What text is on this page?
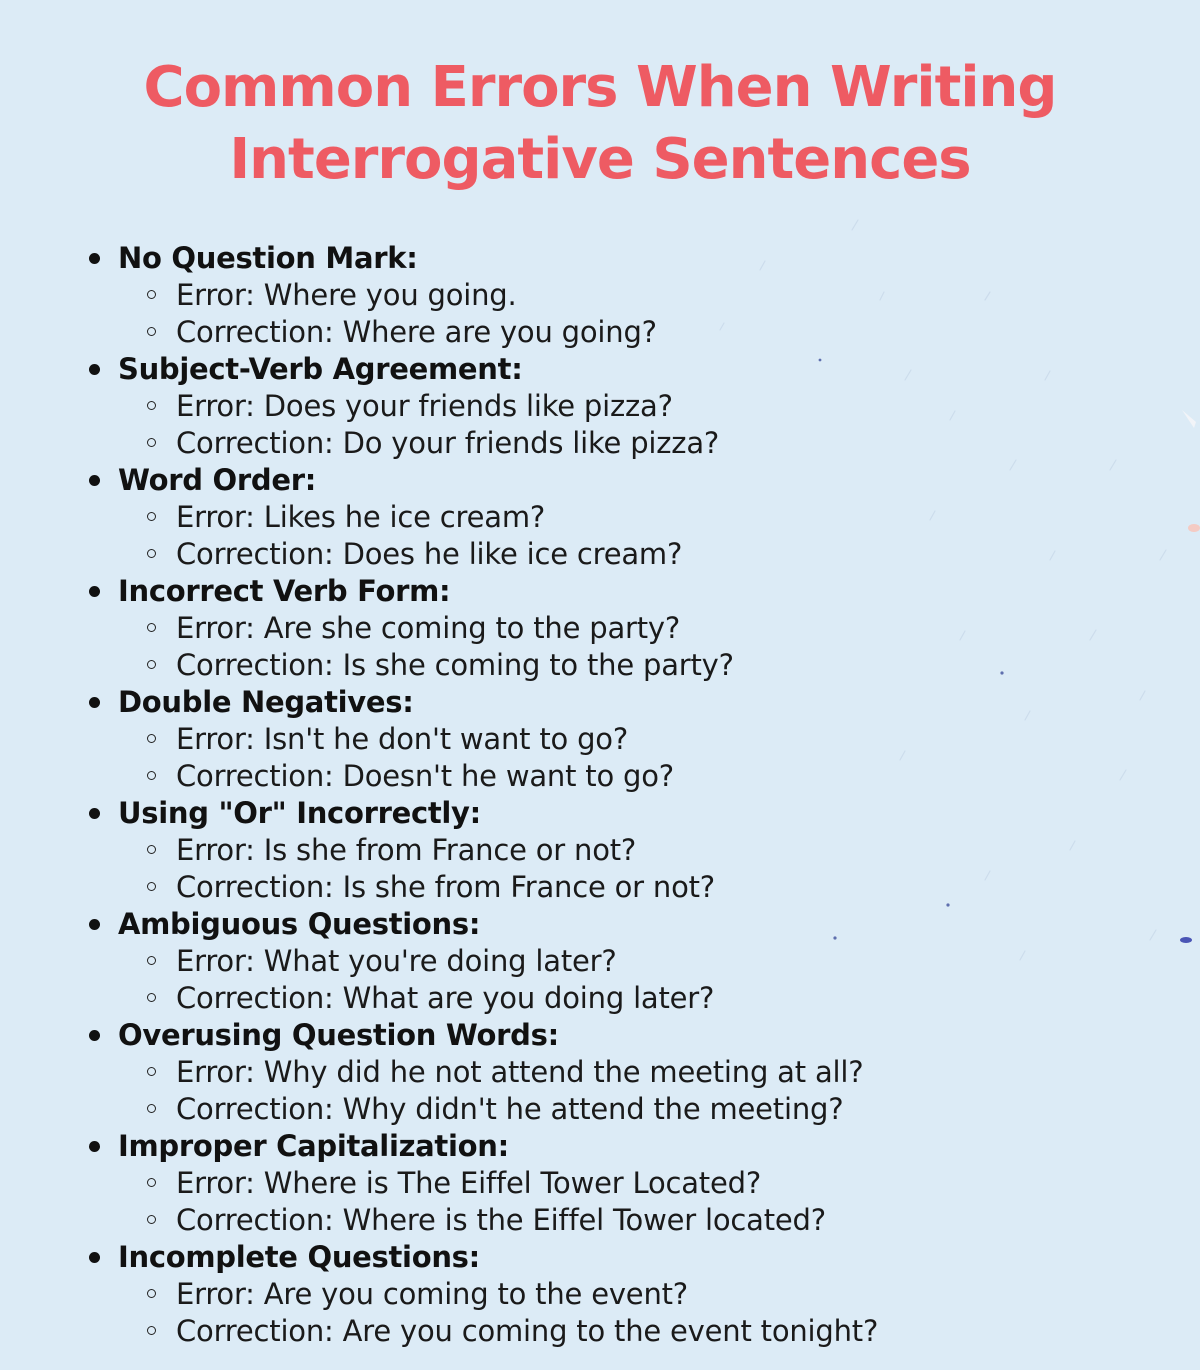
Common Errors When Writing
Interrogative Sentences
No Question Mark:
Error: Where you going.
Correction: Where are you going?
Subject-Verb Agreement:
Error: Does your friends like pizza?
Correction: Do your friends like pizza?
Word Order:
Error: Likes he ice cream?
Correction: Does he like ice cream?
Incorrect Verb Form:
Error: Are she coming to the party?
Correction: Is she coming to the party?
Double Negatives:
Error: Isn't he don't want to go?
Correction: Doesn't he want to go?
Using "Or" Incorrectly:
Error: Is she from France or not?
Correction: Is she from France or not?
Ambiguous Questions:
Error: What you're doing later?
Correction: What are you doing later?
Overusing Question Words:
Error: Why did he not attend the meeting at all?
Correction: Why didn't he attend the meeting?
Improper Capitalization:
Error: Where is The Eiffel Tower Located?
Correction: Where is the Eiffel Tower located?
Incomplete Questions:
Error: Are you coming to the event?
Correction: Are you coming to the event tonight?
